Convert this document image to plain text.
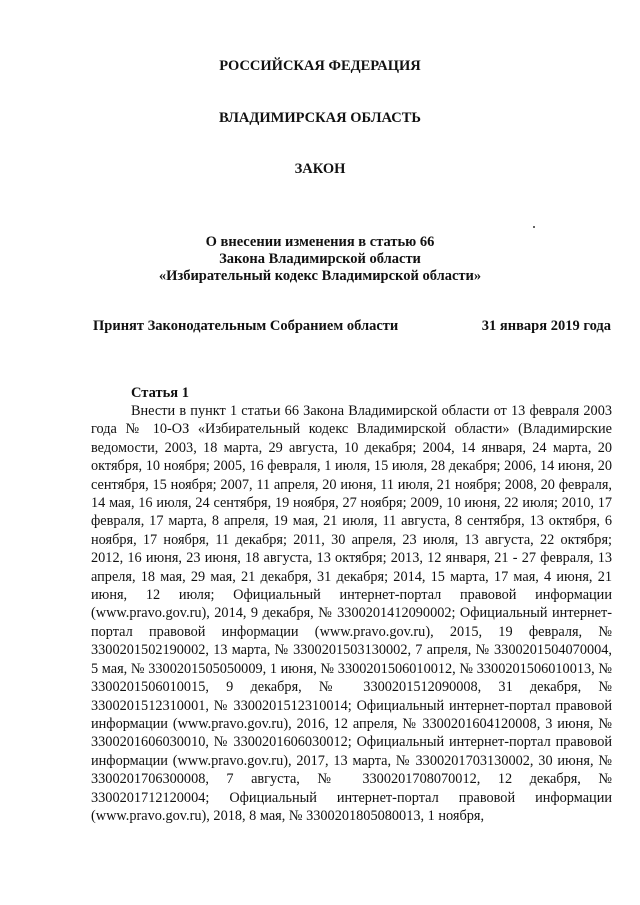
РОССИЙСКАЯ ФЕДЕРАЦИЯ
ВЛАДИМИРСКАЯ ОБЛАСТЬ
ЗАКОН
О внесении изменения в статью 66
Закона Владимирской области
«Избирательный кодекс Владимирской области»
Принят Законодательным Собранием области	31 января 2019 года
Статья 1

Внести в пункт 1 статьи 66 Закона Владимирской области от 13 февраля 2003 года № 10-ОЗ «Избирательный кодекс Владимирской области» (Владимирские ведомости, 2003, 18 марта, 29 августа, 10 декабря; 2004, 14 января, 24 марта, 20 октября, 10 ноября; 2005, 16 февраля, 1 июля, 15 июля, 28 декабря; 2006, 14 июня, 20 сентября, 15 ноября; 2007, 11 апреля, 20 июня, 11 июля, 21 ноября; 2008, 20 февраля, 14 мая, 16 июля, 24 сентября, 19 ноября, 27 ноября; 2009, 10 июня, 22 июля; 2010, 17 февраля, 17 марта, 8 апреля, 19 мая, 21 июля, 11 августа, 8 сентября, 13 октября, 6 ноября, 17 ноября, 11 декабря; 2011, 30 апреля, 23 июля, 13 августа, 22 октября; 2012, 16 июня, 23 июня, 18 августа, 13 октября; 2013, 12 января, 21 - 27 февраля, 13 апреля, 18 мая, 29 мая, 21 декабря, 31 декабря; 2014, 15 марта, 17 мая, 4 июня, 21 июня, 12 июля; Официальный интернет-портал правовой информации (www.pravo.gov.ru), 2014, 9 декабря, № 3300201412090002; Официальный интернет-портал правовой информации (www.pravo.gov.ru), 2015, 19 февраля, № 3300201502190002, 13 марта, № 3300201503130002, 7 апреля, № 3300201504070004, 5 мая, № 3300201505050009, 1 июня, № 3300201506010012, № 3300201506010013, № 3300201506010015, 9 декабря, № 3300201512090008, 31 декабря, № 3300201512310001, № 3300201512310014; Официальный интернет-портал правовой информации (www.pravo.gov.ru), 2016, 12 апреля, № 3300201604120008, 3 июня, № 3300201606030010, № 3300201606030012; Официальный интернет-портал правовой информации (www.pravo.gov.ru), 2017, 13 марта, № 3300201703130002, 30 июня, № 3300201706300008, 7 августа, № 3300201708070012, 12 декабря, № 3300201712120004; Официальный интернет-портал правовой информации (www.pravo.gov.ru), 2018, 8 мая, № 3300201805080013, 1 ноября,
